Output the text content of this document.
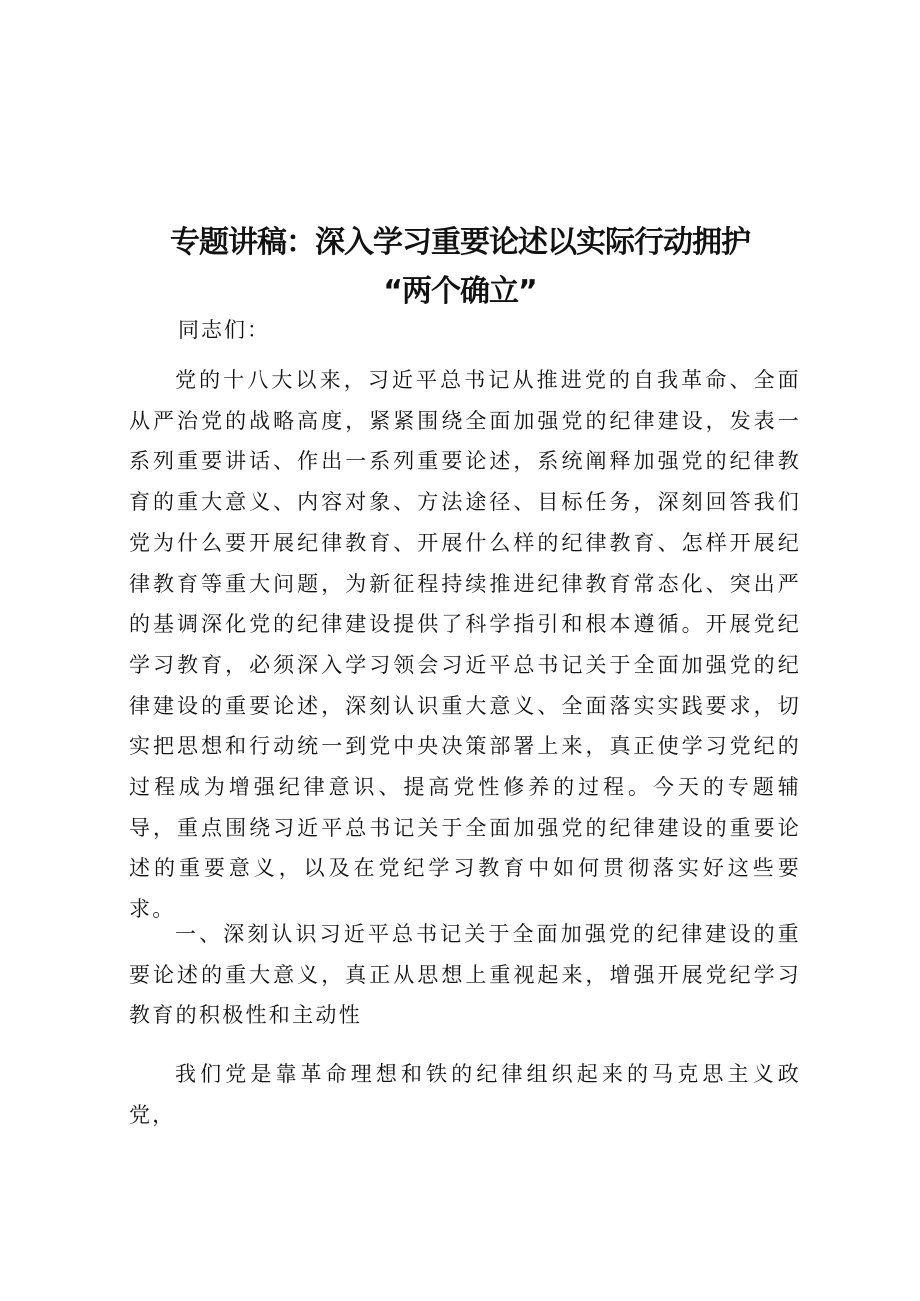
专题讲稿：深入学习重要论述以实际行动拥护
“两个确立”
同志们：

党的十八大以来，习近平总书记从推进党的自我革命、全面从严治党的战略高度，紧紧围绕全面加强党的纪律建设，发表一系列重要讲话、作出一系列重要论述，系统阐释加强党的纪律教育的重大意义、内容对象、方法途径、目标任务，深刻回答我们党为什么要开展纪律教育、开展什么样的纪律教育、怎样开展纪律教育等重大问题，为新征程持续推进纪律教育常态化、突出严的基调深化党的纪律建设提供了科学指引和根本遵循。开展党纪学习教育，必须深入学习领会习近平总书记关于全面加强党的纪律建设的重要论述，深刻认识重大意义、全面落实实践要求，切实把思想和行动统一到党中央决策部署上来，真正使学习党纪的过程成为增强纪律意识、提高党性修养的过程。今天的专题辅导，重点围绕习近平总书记关于全面加强党的纪律建设的重要论述的重要意义，以及在党纪学习教育中如何贯彻落实好这些要求。

一、深刻认识习近平总书记关于全面加强党的纪律建设的重要论述的重大意义，真正从思想上重视起来，增强开展党纪学习教育的积极性和主动性

我们党是靠革命理想和铁的纪律组织起来的马克思主义政党，
